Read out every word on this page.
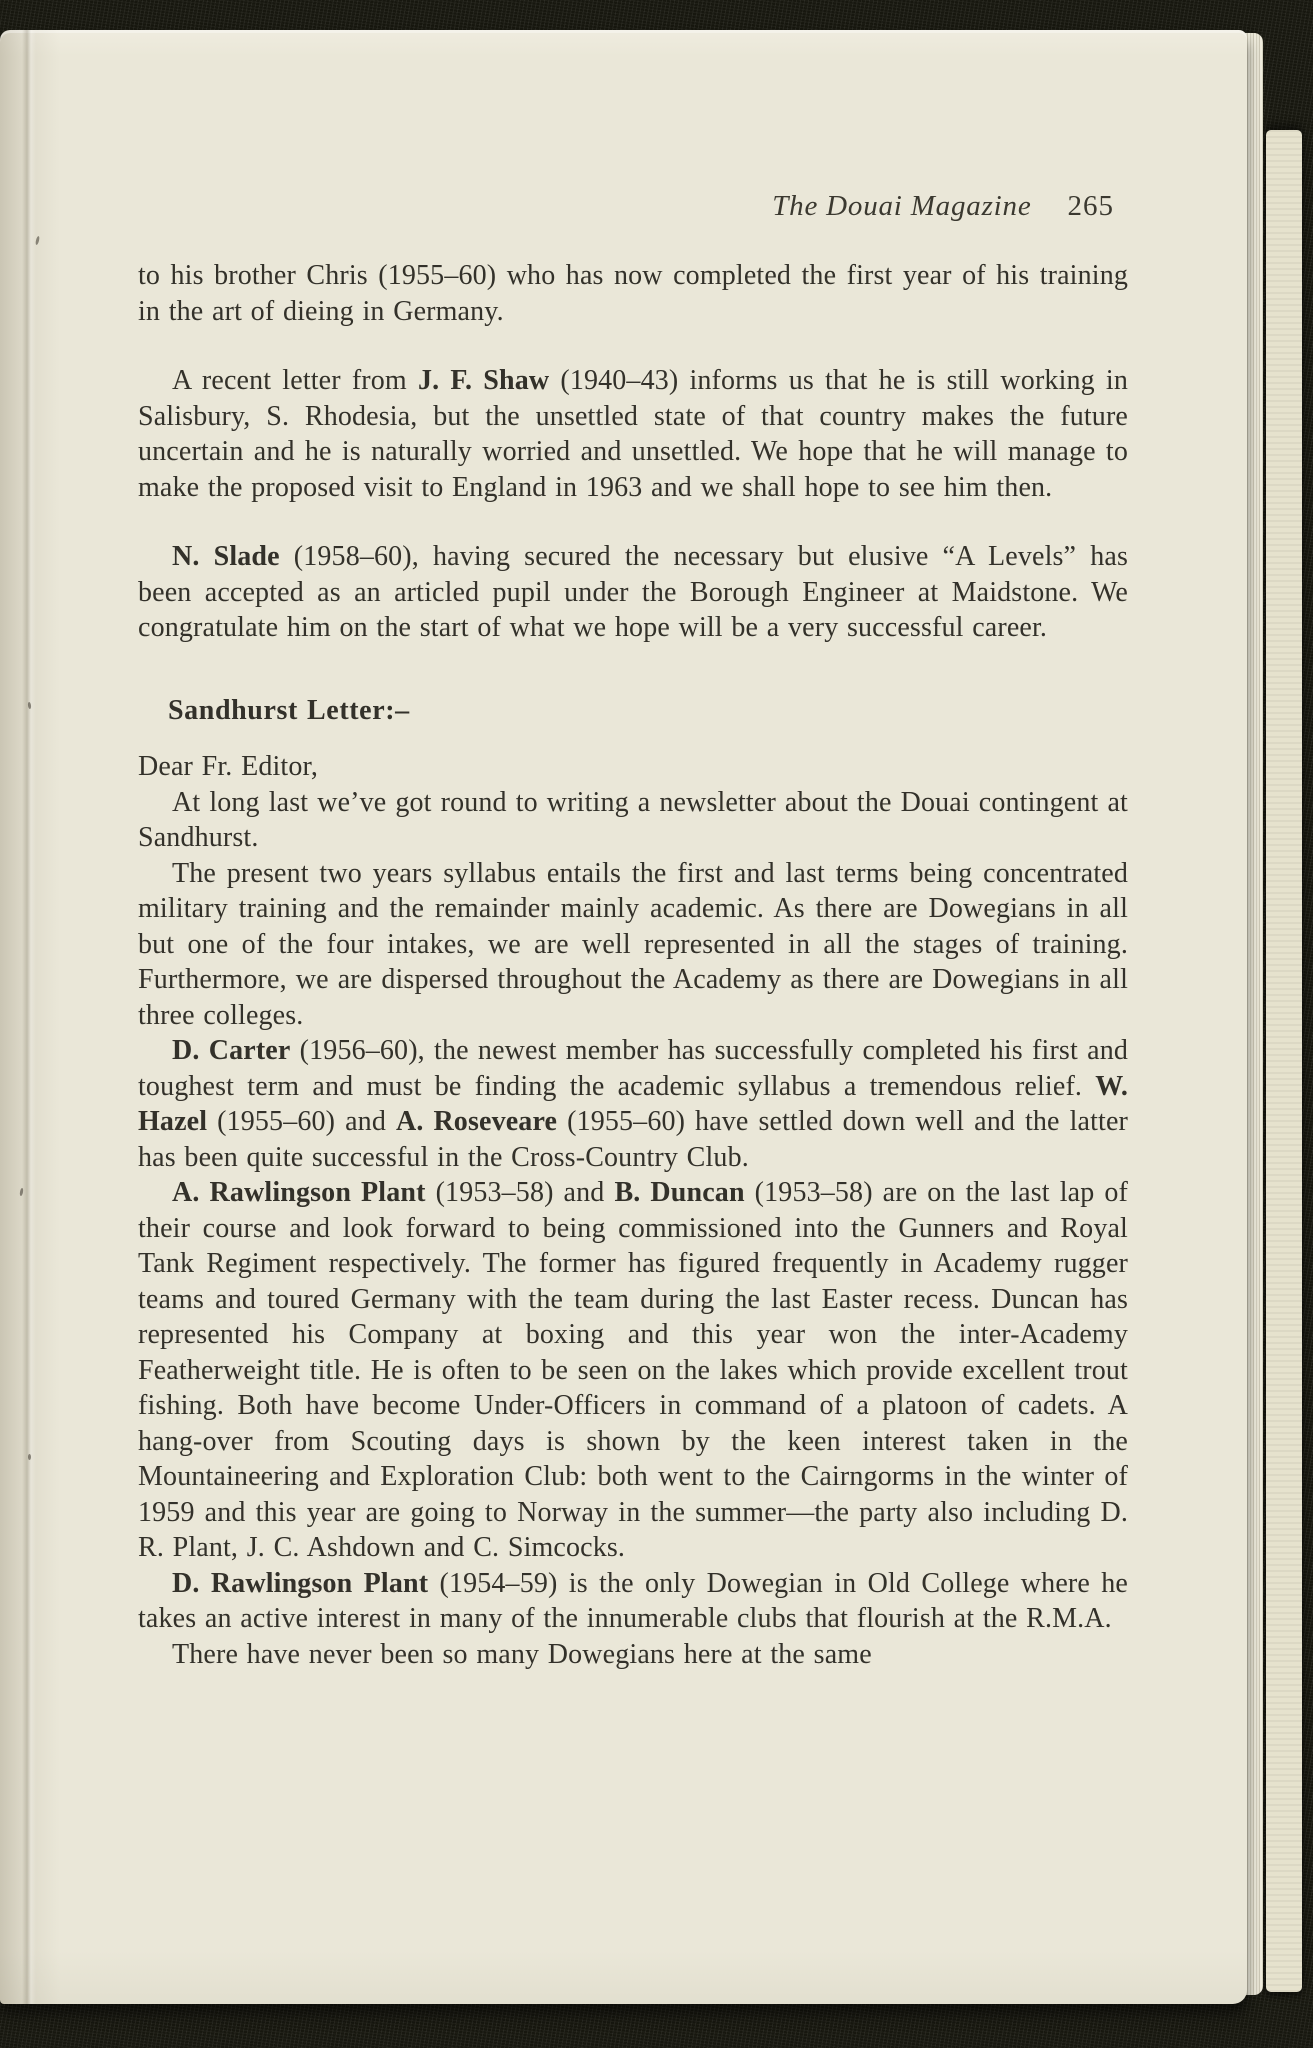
The Douai Magazine 265

to his brother Chris (1955–60) who has now completed the first year of his training in the art of dieing in Germany.

A recent letter from J. F. Shaw (1940–43) informs us that he is still working in Salisbury, S. Rhodesia, but the unsettled state of that country makes the future uncertain and he is naturally worried and unsettled. We hope that he will manage to make the proposed visit to England in 1963 and we shall hope to see him then.

N. Slade (1958–60), having secured the necessary but elusive “A Levels” has been accepted as an articled pupil under the Borough Engineer at Maidstone. We congratulate him on the start of what we hope will be a very successful career.

Sandhurst Letter:–

Dear Fr. Editor,

At long last we’ve got round to writing a newsletter about the Douai contingent at Sandhurst.

The present two years syllabus entails the first and last terms being concentrated military training and the remainder mainly academic. As there are Dowegians in all but one of the four intakes, we are well represented in all the stages of training. Furthermore, we are dispersed throughout the Academy as there are Dowegians in all three colleges.

D. Carter (1956–60), the newest member has successfully completed his first and toughest term and must be finding the academic syllabus a tremendous relief. W. Hazel (1955–60) and A. Roseveare (1955–60) have settled down well and the latter has been quite successful in the Cross-Country Club.

A. Rawlingson Plant (1953–58) and B. Duncan (1953–58) are on the last lap of their course and look forward to being commissioned into the Gunners and Royal Tank Regiment respectively. The former has figured frequently in Academy rugger teams and toured Germany with the team during the last Easter recess. Duncan has represented his Company at boxing and this year won the inter-Academy Featherweight title. He is often to be seen on the lakes which provide excellent trout fishing. Both have become Under-Officers in command of a platoon of cadets. A hang-over from Scouting days is shown by the keen interest taken in the Mountaineering and Exploration Club: both went to the Cairngorms in the winter of 1959 and this year are going to Norway in the summer—the party also including D. R. Plant, J. C. Ashdown and C. Simcocks.

D. Rawlingson Plant (1954–59) is the only Dowegian in Old College where he takes an active interest in many of the innumerable clubs that flourish at the R.M.A.

There have never been so many Dowegians here at the same
